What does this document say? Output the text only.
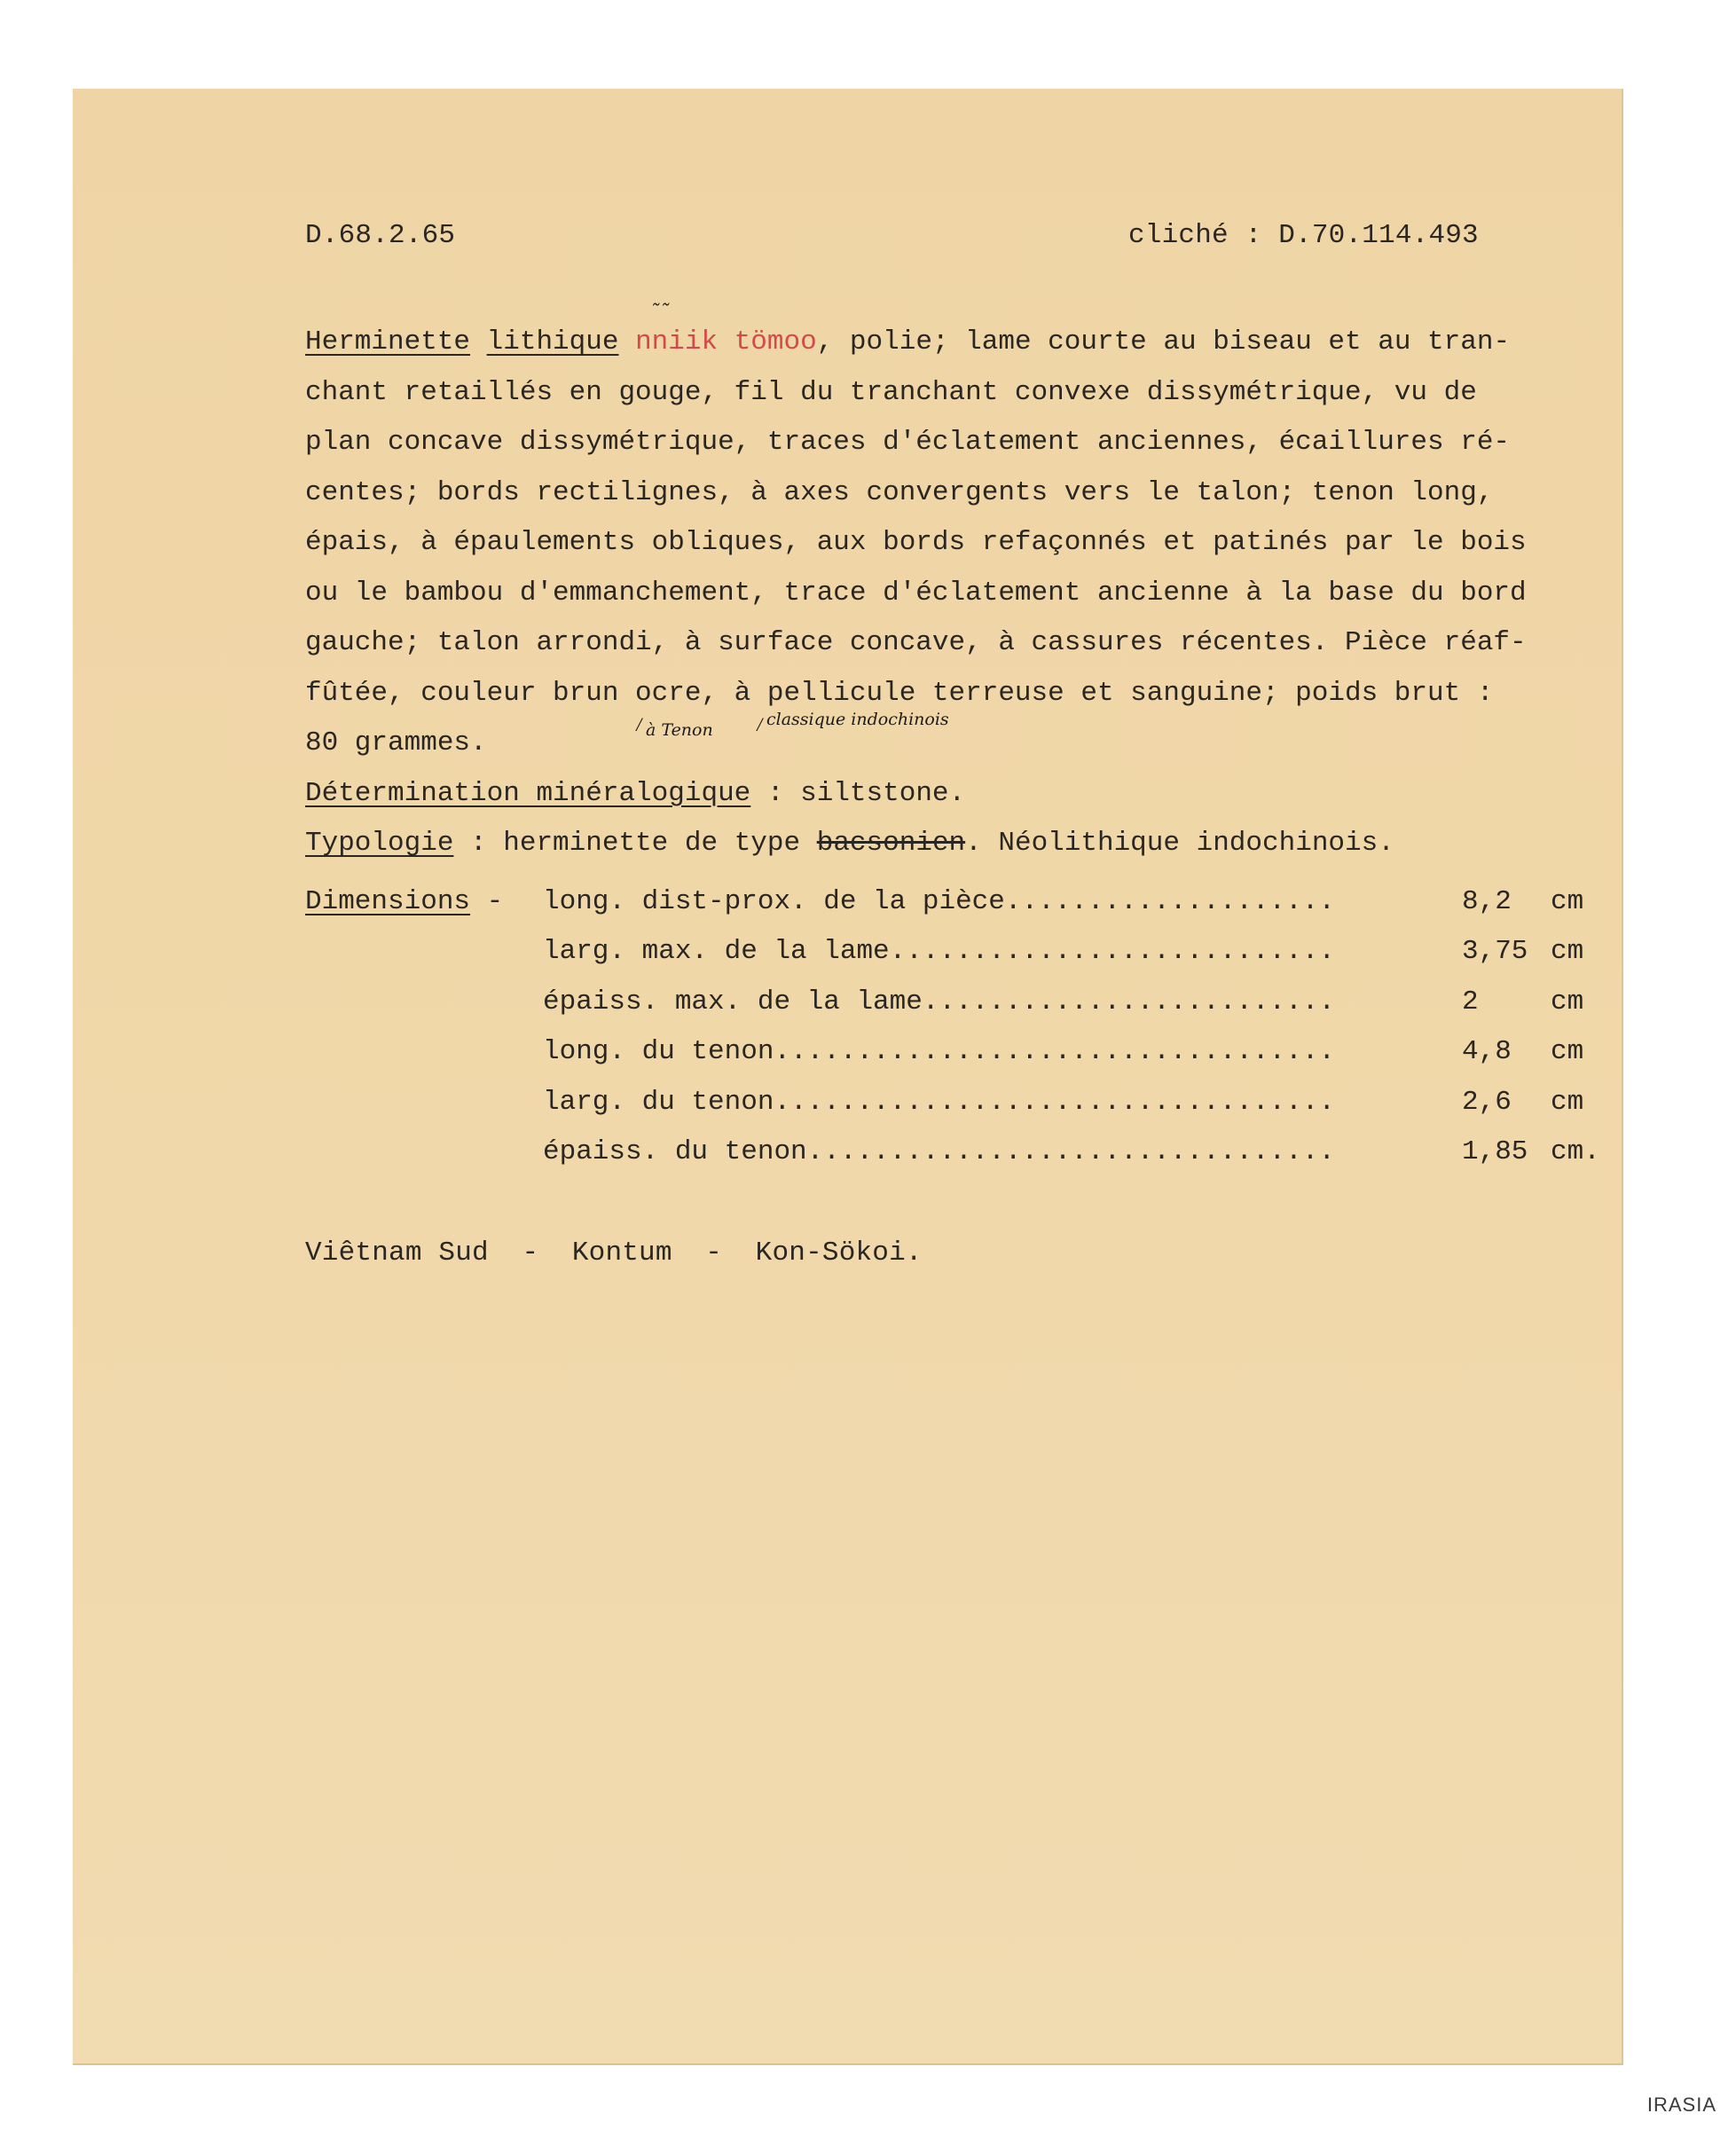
D.68.2.65	cliché : D.70.114.493
˜˜
Herminette lithique nniik tömoo, polie; lame courte au biseau et au tran-
chant retaillés en gouge, fil du tranchant convexe dissymétrique, vu de
plan concave dissymétrique, traces d'éclatement anciennes, écaillures ré-
centes; bords rectilignes, à axes convergents vers le talon; tenon long,
épais, à épaulements obliques, aux bords refaçonnés et patinés par le bois
ou le bambou d'emmanchement, trace d'éclatement ancienne à la base du bord
gauche; talon arrondi, à surface concave, à cassures récentes. Pièce réaf-
fûtée, couleur brun ocre, à pellicule terreuse et sanguine; poids brut :
80 grammes.
Détermination minéralogique : siltstone.
Typologie : herminette de type bacsonien. Néolithique indochinois.
⁄ à Tenon ⁄ classique indochinois
Dimensions - long. dist-prox. de la pièce....................	8,2	cm
larg. max. de la lame...........................	3,75 cm
épaiss. max. de la lame.........................	2	cm
long. du tenon..................................	4,8	cm
larg. du tenon..................................	2,6	cm
épaiss. du tenon................................	1,85 cm.
Viêtnam Sud  -  Kontum  -  Kon-Sökoi.
IRASIA
